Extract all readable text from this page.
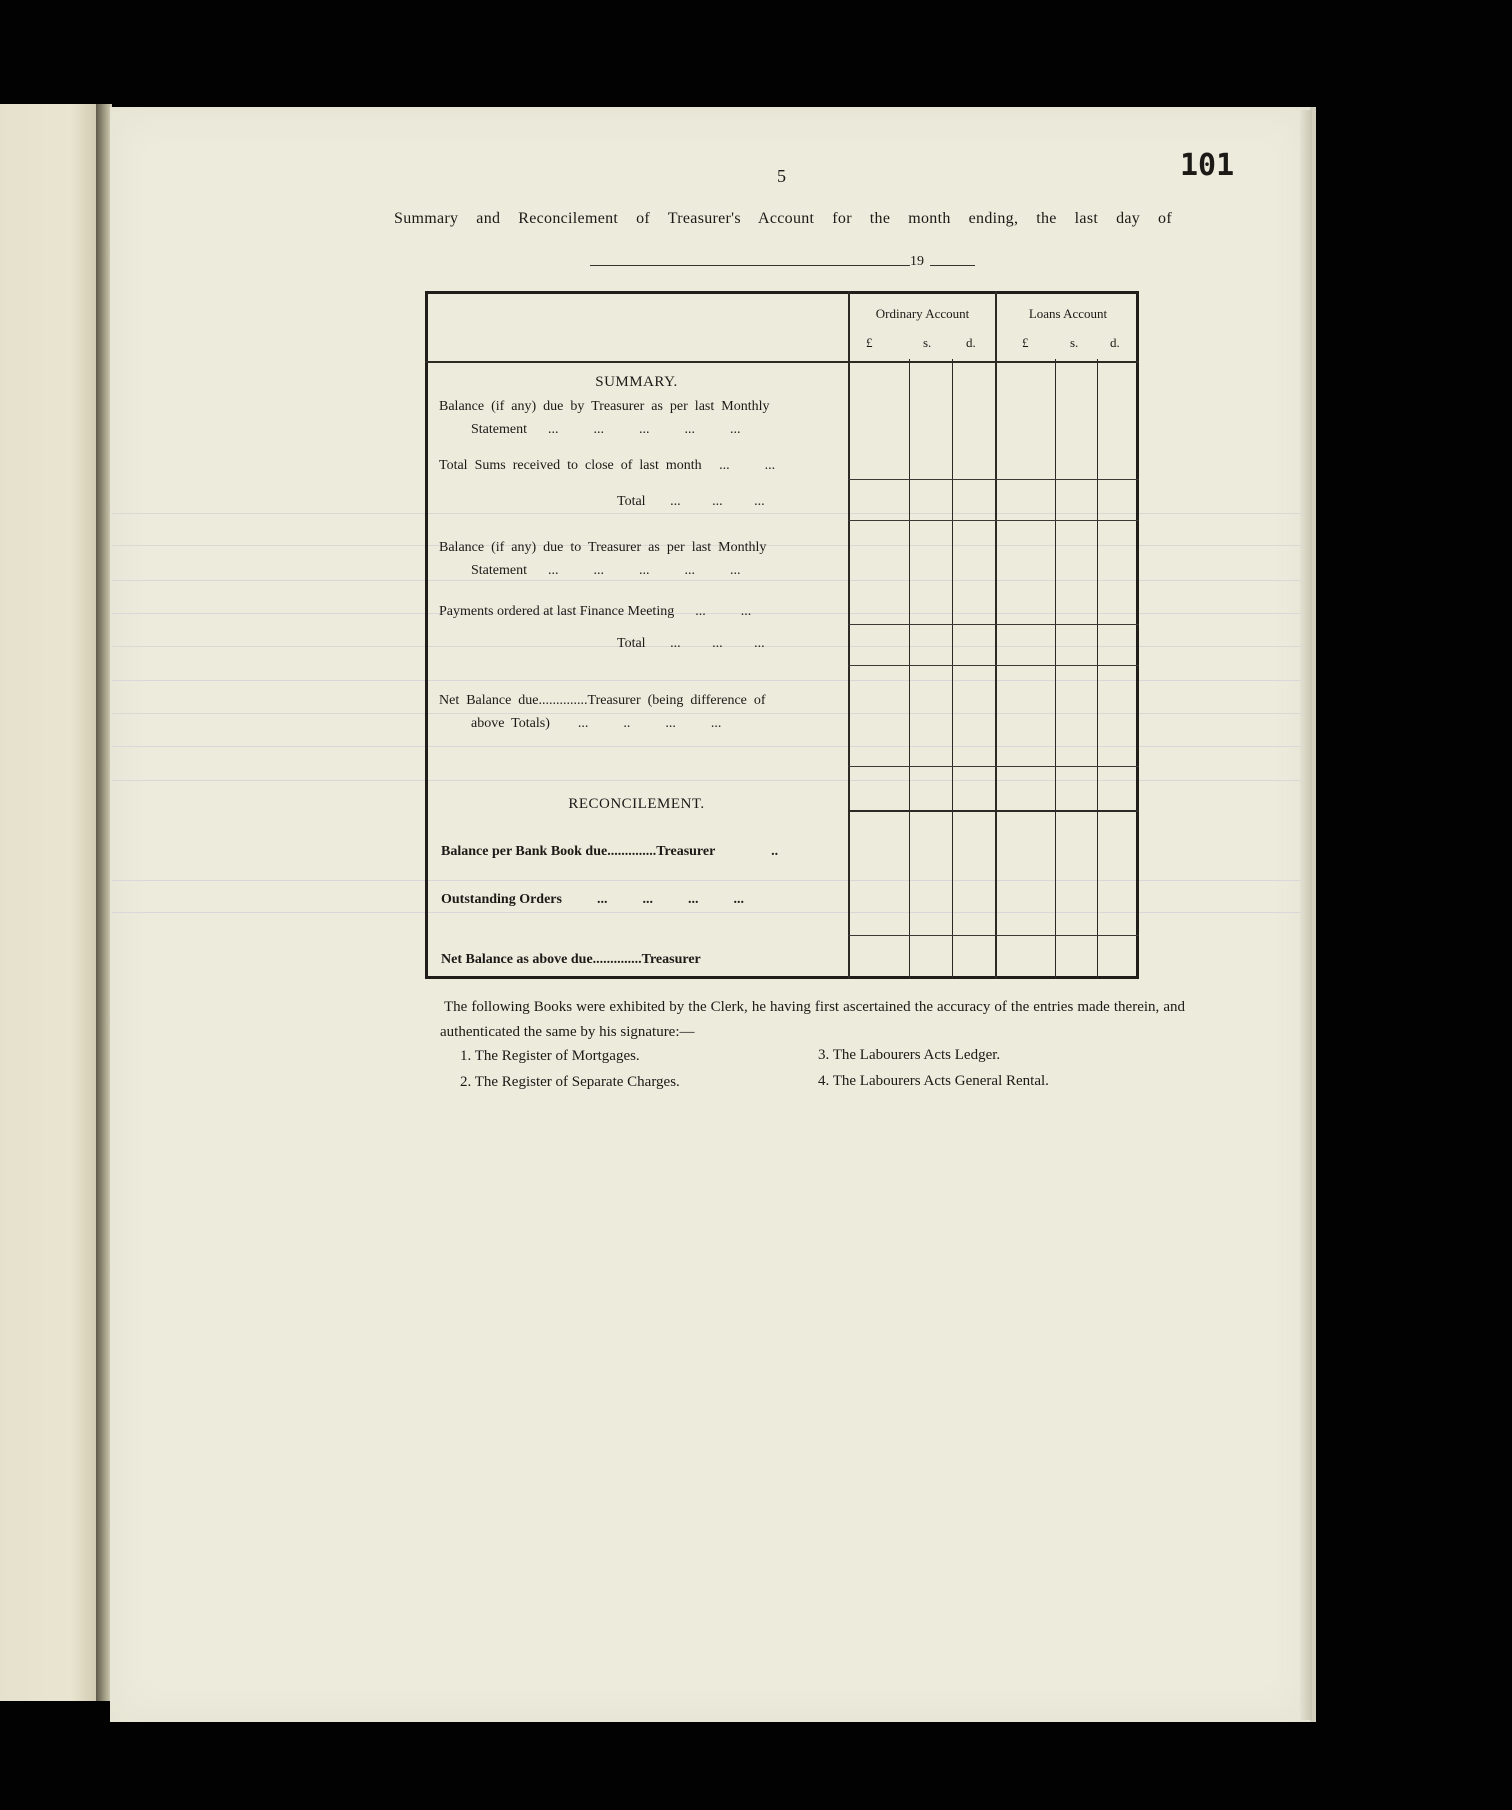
5	101
Summary and Reconcilement of Treasurer's Account for the month ending, the last day of
19
Ordinary Account	Loans Account
£	s.	d.	£	s. d.
SUMMARY.
Balance  (if  any)  due  by  Treasurer  as  per  last  Monthly
Statement      ...          ...          ...          ...          ...
Total  Sums  received  to  close  of  last  month     ...          ...
Total       ...         ...         ...
Balance  (if  any)  due  to  Treasurer  as  per  last  Monthly
Statement      ...          ...          ...          ...          ...
Payments ordered at last Finance Meeting      ...          ...
Total       ...         ...         ...
Net  Balance  due..............Treasurer  (being  difference  of
above  Totals)        ...          ..          ...          ...
RECONCILEMENT.
Balance per Bank Book due..............Treasurer                ..
Outstanding Orders          ...          ...          ...          ...
Net Balance as above due..............Treasurer
The following Books were exhibited by the Clerk, he having first ascertained the accuracy of the entries made therein, and authenticated the same by his signature:—
1. The Register of Mortgages.
2. The Register of Separate Charges.
3. The Labourers Acts Ledger.
4. The Labourers Acts General Rental.
